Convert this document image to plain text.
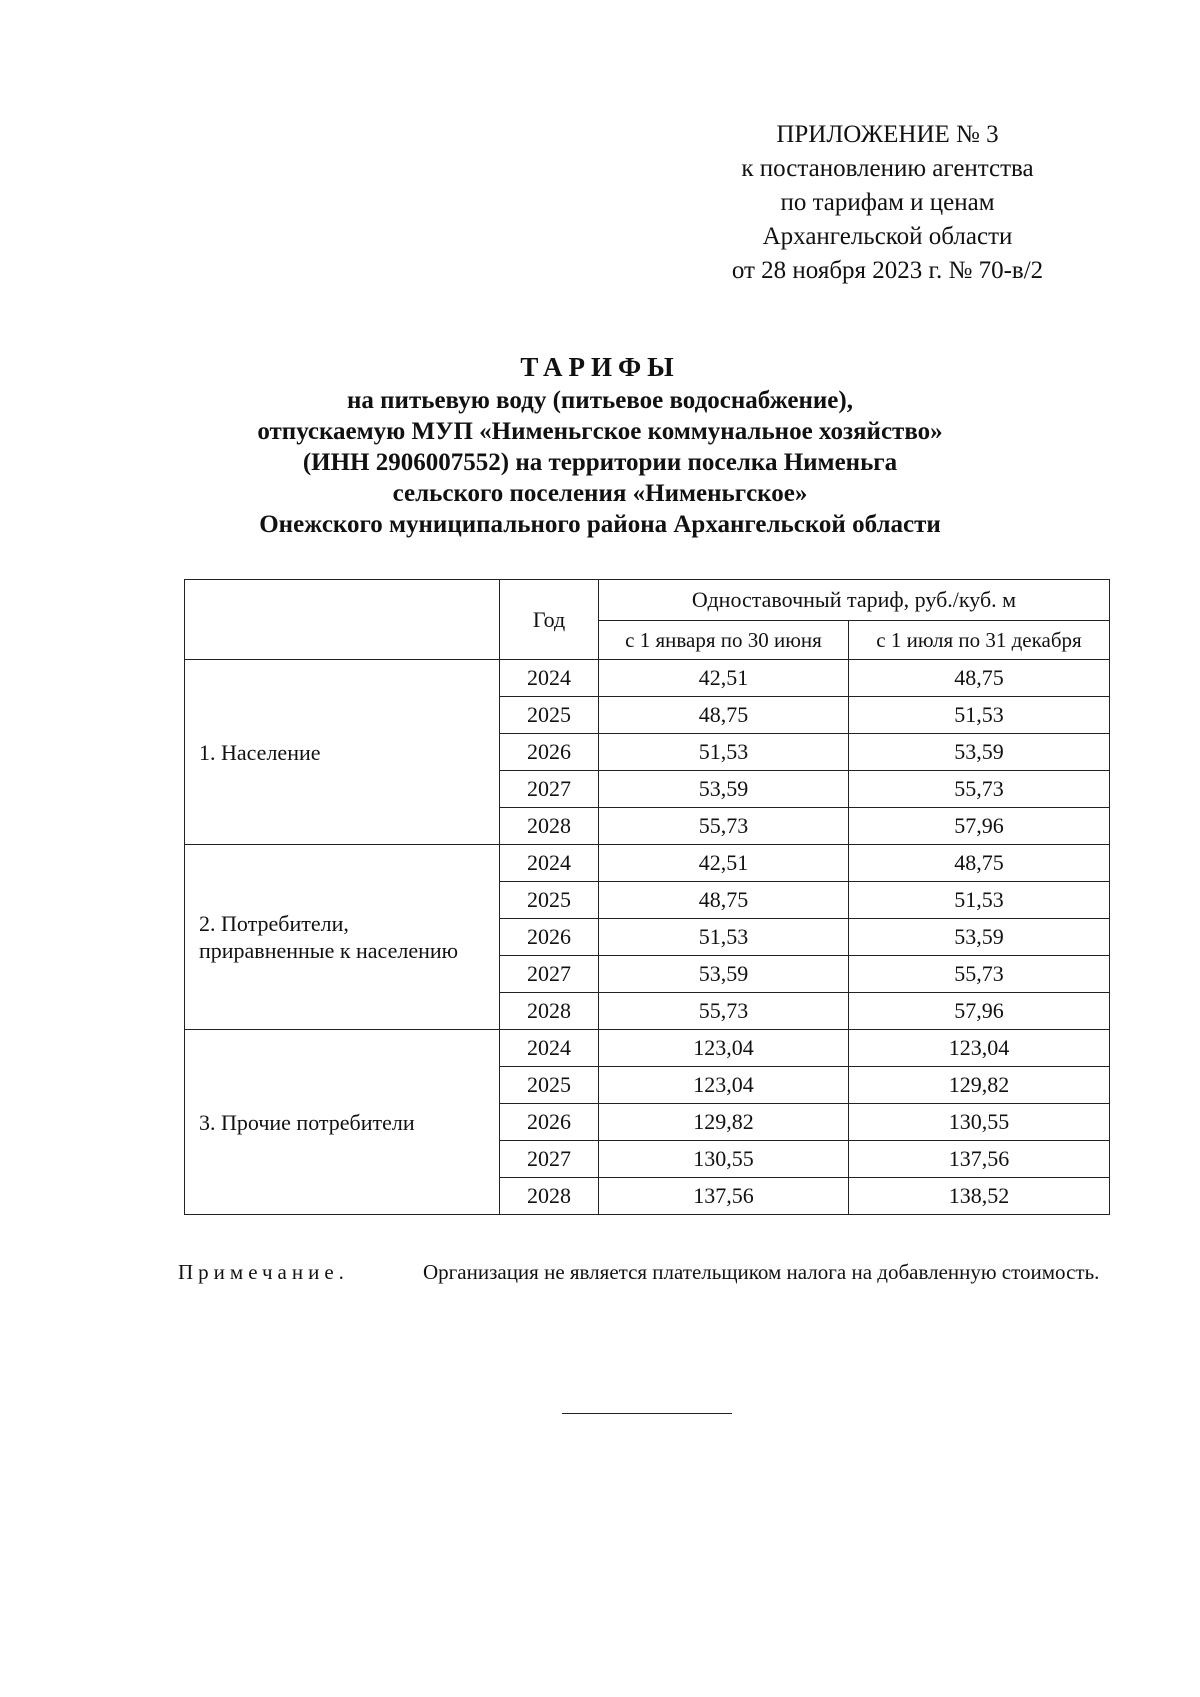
ПРИЛОЖЕНИЕ № 3
к постановлению агентства
по тарифам и ценам
Архангельской области
от 28 ноября 2023 г. № 70-в/2
ТАРИФЫ
на питьевую воду (питьевое водоснабжение),
отпускаемую МУП «Нименьгское коммунальное хозяйство»
(ИНН 2906007552) на территории поселка Нименьга
сельского поселения «Нименьгское»
Онежского муниципального района Архангельской области
	Год	Одноставочный тариф, руб./куб. м	
		с 1 января по 30 июня	с 1 июля по 31 декабря
1. Население	2024	42,51	48,75
	2025	48,75	51,53
	2026	51,53	53,59
	2027	53,59	55,73
	2028	55,73	57,96

2. Потребители,
приравненные к населению	2024	42,51	48,75
	2025	48,75	51,53
	2026	51,53	53,59
	2027	53,59	55,73
	2028	55,73	57,96
3. Прочие потребители	2024	123,04	123,04
	2025	123,04	129,82
	2026	129,82	130,55
	2027	130,55	137,56
	2028	137,56	138,52
Примечание.	Организация не является плательщиком налога на добавленную стоимость.
